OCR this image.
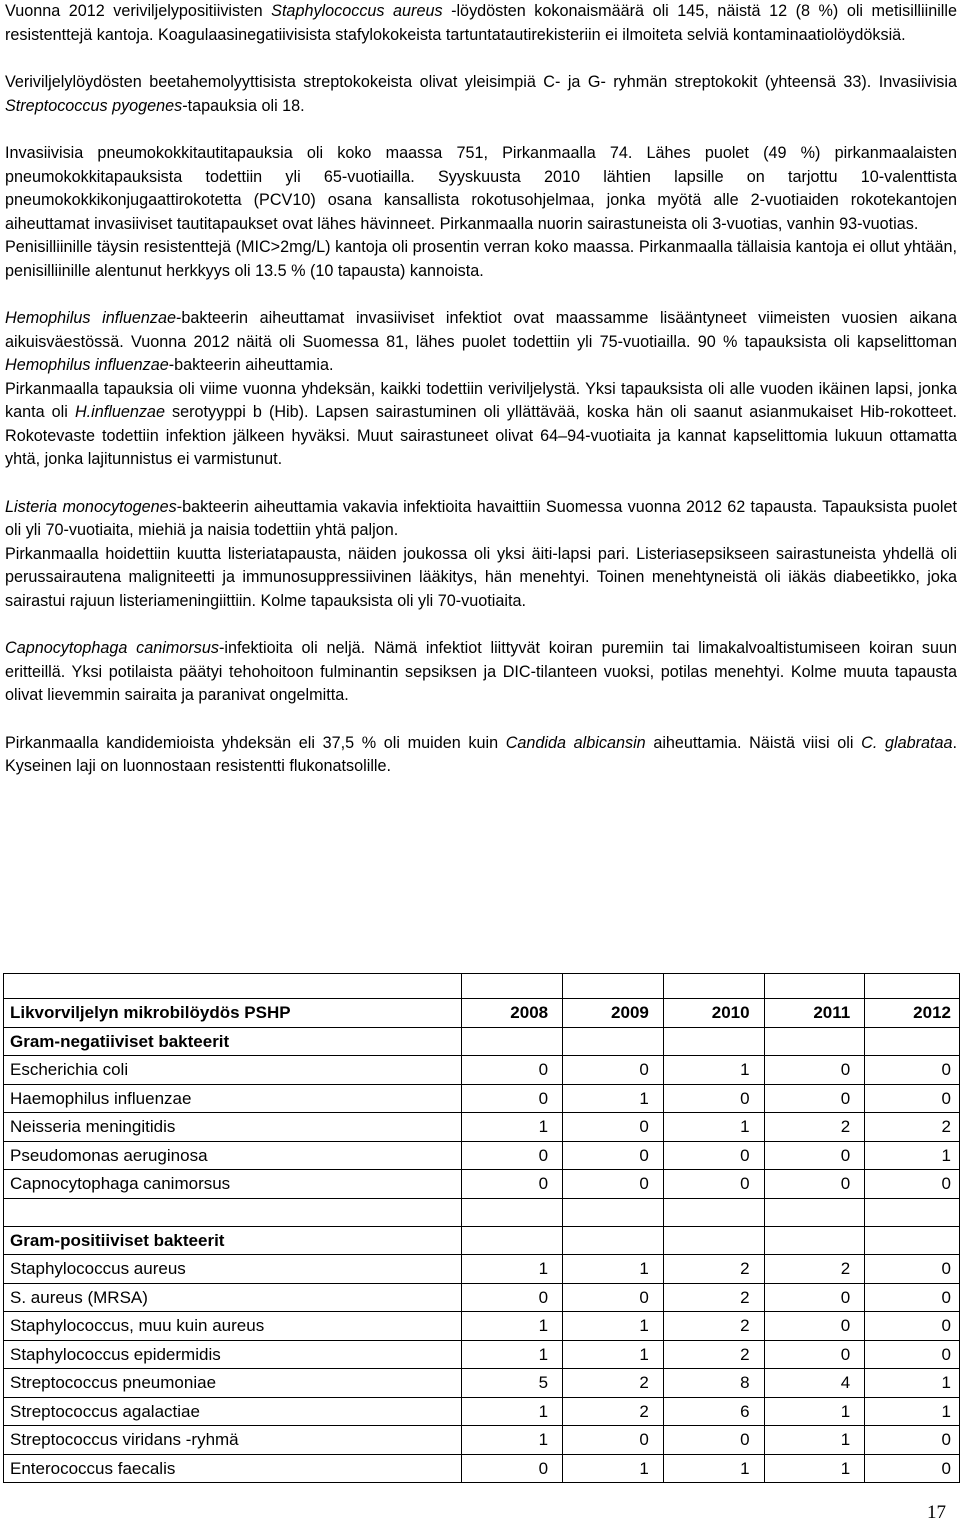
Vuonna 2012 veriviljelypositiivisten Staphylococcus aureus -löydösten kokonaismäärä oli 145, näistä 12 (8 %) oli metisilliinille resistenttejä kantoja. Koagulaasinegatiivisista stafylokokeista tartuntatautirekisteriin ei ilmoiteta selviä kontaminaatiolöydöksiä.

Veriviljelylöydösten beetahemolyyttisista streptokokeista olivat yleisimpiä C- ja G- ryhmän streptokokit (yhteensä 33). Invasiivisia Streptococcus pyogenes-tapauksia oli 18.

Invasiivisia pneumokokkitautitapauksia oli koko maassa 751, Pirkanmaalla 74. Lähes puolet (49 %) pirkanmaalaisten pneumokokkitapauksista todettiin yli 65-vuotiailla. Syyskuusta 2010 lähtien lapsille on tarjottu 10-valenttista pneumokokkikonjugaattirokotetta (PCV10) osana kansallista rokotusohjelmaa, jonka myötä alle 2-vuotiaiden rokotekantojen aiheuttamat invasiiviset tautitapaukset ovat lähes hävinneet. Pirkanmaalla nuorin sairastuneista oli 3-vuotias, vanhin 93-vuotias.

Penisilliinille täysin resistenttejä (MIC>2mg/L) kantoja oli prosentin verran koko maassa. Pirkanmaalla tällaisia kantoja ei ollut yhtään, penisilliinille alentunut herkkyys oli 13.5 % (10 tapausta) kannoista.

Hemophilus influenzae-bakteerin aiheuttamat invasiiviset infektiot ovat maassamme lisääntyneet viimeisten vuosien aikana aikuisväestössä. Vuonna 2012 näitä oli Suomessa 81, lähes puolet todettiin yli 75-vuotiailla. 90 % tapauksista oli kapselittoman Hemophilus influenzae-bakteerin aiheuttamia.

Pirkanmaalla tapauksia oli viime vuonna yhdeksän, kaikki todettiin veriviljelystä. Yksi tapauksista oli alle vuoden ikäinen lapsi, jonka kanta oli H.influenzae serotyyppi b (Hib). Lapsen sairastuminen oli yllättävää, koska hän oli saanut asianmukaiset Hib-rokotteet. Rokotevaste todettiin infektion jälkeen hyväksi. Muut sairastuneet olivat 64–94-vuotiaita ja kannat kapselittomia lukuun ottamatta yhtä, jonka lajitunnistus ei varmistunut.

Listeria monocytogenes-bakteerin aiheuttamia vakavia infektioita havaittiin Suomessa vuonna 2012 62 tapausta. Tapauksista puolet oli yli 70-vuotiaita, miehiä ja naisia todettiin yhtä paljon.

Pirkanmaalla hoidettiin kuutta listeriatapausta, näiden joukossa oli yksi äiti-lapsi pari. Listeriasepsikseen sairastuneista yhdellä oli perussairautena maligniteetti ja immunosuppressiivinen lääkitys, hän menehtyi. Toinen menehtyneistä oli iäkäs diabeetikko, joka sairastui rajuun listeriameningiittiin. Kolme tapauksista oli yli 70-vuotiaita.

Capnocytophaga canimorsus-infektioita oli neljä. Nämä infektiot liittyvät koiran puremiin tai limakalvoaltistumiseen koiran suun eritteillä. Yksi potilaista päätyi tehohoitoon fulminantin sepsiksen ja DIC-tilanteen vuoksi, potilas menehtyi. Kolme muuta tapausta olivat lievemmin sairaita ja paranivat ongelmitta.

Pirkanmaalla kandidemioista yhdeksän eli 37,5 % oli muiden kuin Candida albicansin aiheuttamia. Näistä viisi oli C. glabrataa. Kyseinen laji on luonnostaan resistentti flukonatsolille.

Likvorviljelyn mikrobilöydös PSHP	2008	2009	2010	2011	2012
Gram-negatiiviset bakteerit					
Escherichia coli	0	0	1	0	0
Haemophilus influenzae	0	1	0	0	0
Neisseria meningitidis	1	0	1	2	2
Pseudomonas aeruginosa	0	0	0	0	1
Capnocytophaga canimorsus	0	0	0	0	0

Gram-positiiviset bakteerit					
Staphylococcus aureus	1	1	2	2	0
S. aureus (MRSA)	0	0	2	0	0
Staphylococcus, muu kuin aureus	1	1	2	0	0
Staphylococcus epidermidis	1	1	2	0	0
Streptococcus pneumoniae	5	2	8	4	1
Streptococcus agalactiae	1	2	6	1	1
Streptococcus viridans -ryhmä	1	0	0	1	0
Enterococcus faecalis	0	1	1	1	0
17
